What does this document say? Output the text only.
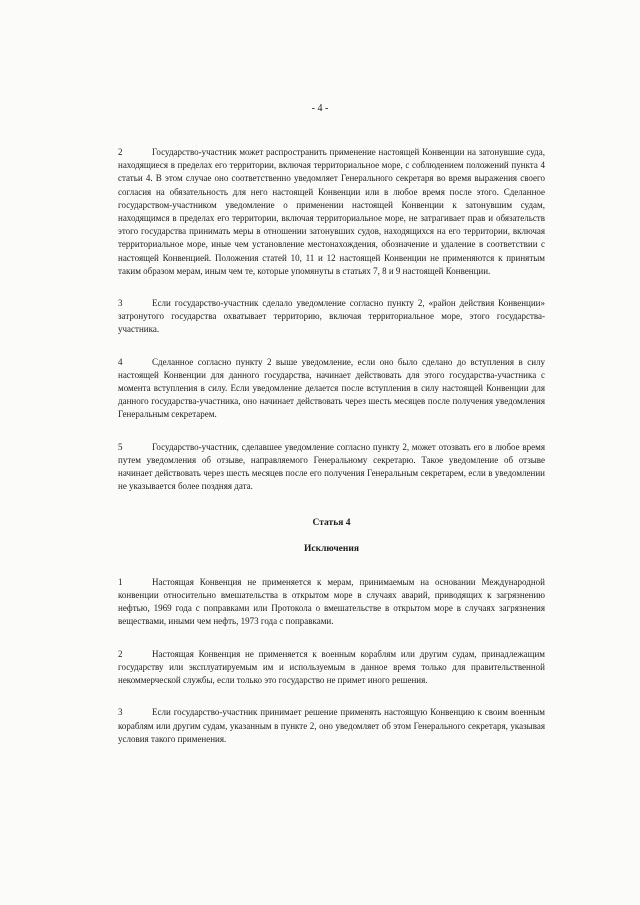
- 4 -

2	Государство-участник может распространить применение настоящей Конвенции на затонувшие суда, находящиеся в пределах его территории, включая территориальное море, с соблюдением положений пункта 4 статьи 4. В этом случае оно соответственно уведомляет Генерального секретаря во время выражения своего согласия на обязательность для него настоящей Конвенции или в любое время после этого. Сделанное государством-участником уведомление о применении настоящей Конвенции к затонувшим судам, находящимся в пределах его территории, включая территориальное море, не затрагивает прав и обязательств этого государства принимать меры в отношении затонувших судов, находящихся на его территории, включая территориальное море, иные чем установление местонахождения, обозначение и удаление в соответствии с настоящей Конвенцией. Положения статей 10, 11 и 12 настоящей Конвенции не применяются к принятым таким образом мерам, иным чем те, которые упомянуты в статьях 7, 8 и 9 настоящей Конвенции.

3	Если государство-участник сделало уведомление согласно пункту 2, «район действия Конвенции» затронутого государства охватывает территорию, включая территориальное море, этого государства-участника.

4	Сделанное согласно пункту 2 выше уведомление, если оно было сделано до вступления в силу настоящей Конвенции для данного государства, начинает действовать для этого государства-участника с момента вступления в силу. Если уведомление делается после вступления в силу настоящей Конвенции для данного государства-участника, оно начинает действовать через шесть месяцев после получения уведомления Генеральным секретарем.

5	Государство-участник, сделавшее уведомление согласно пункту 2, может отозвать его в любое время путем уведомления об отзыве, направляемого Генеральному секретарю. Такое уведомление об отзыве начинает действовать через шесть месяцев после его получения Генеральным секретарем, если в уведомлении не указывается более поздняя дата.

Статья 4
Исключения

1	Настоящая Конвенция не применяется к мерам, принимаемым на основании Международной конвенции относительно вмешательства в открытом море в случаях аварий, приводящих к загрязнению нефтью, 1969 года с поправками или Протокола о вмешательстве в открытом море в случаях загрязнения веществами, иными чем нефть, 1973 года с поправками.

2	Настоящая Конвенция не применяется к военным кораблям или другим судам, принадлежащим государству или эксплуатируемым им и используемым в данное время только для правительственной некоммерческой службы, если только это государство не примет иного решения.

3	Если государство-участник принимает решение применять настоящую Конвенцию к своим военным кораблям или другим судам, указанным в пункте 2, оно уведомляет об этом Генерального секретаря, указывая условия такого применения.
